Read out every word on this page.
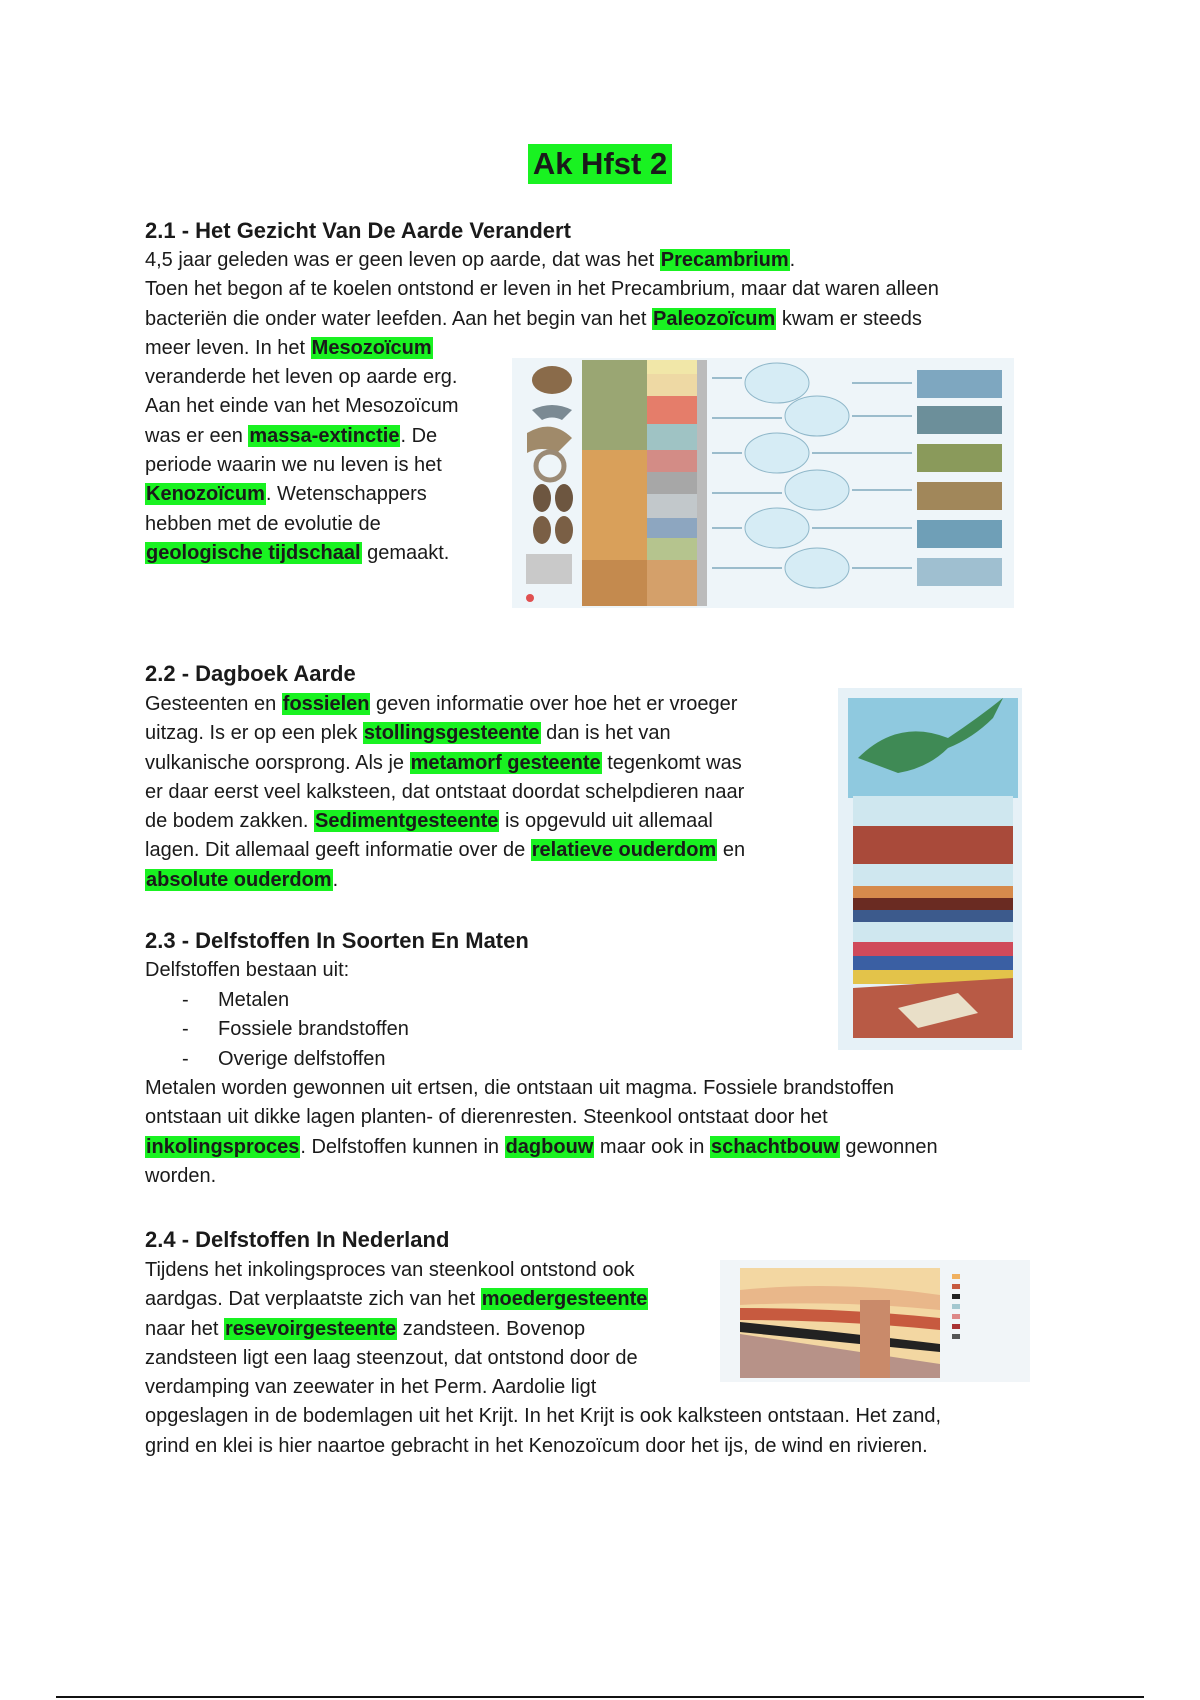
Ak Hfst 2
2.1 - Het Gezicht Van De Aarde Verandert
4,5 jaar geleden was er geen leven op aarde, dat was het Precambrium.
Toen het begon af te koelen ontstond er leven in het Precambrium, maar dat waren alleen
bacteriën die onder water leefden. Aan het begin van het Paleozoïcum kwam er steeds
meer leven. In het Mesozoïcum
veranderde het leven op aarde erg.
Aan het einde van het Mesozoïcum
was er een massa-extinctie. De
periode waarin we nu leven is het
Kenozoïcum. Wetenschappers
hebben met de evolutie de
geologische tijdschaal gemaakt.
2.2 - Dagboek Aarde
Gesteenten en fossielen geven informatie over hoe het er vroeger
uitzag. Is er op een plek stollingsgesteente dan is het van
vulkanische oorsprong. Als je metamorf gesteente tegenkomt was
er daar eerst veel kalksteen, dat ontstaat doordat schelpdieren naar
de bodem zakken. Sedimentgesteente is opgevuld uit allemaal
lagen. Dit allemaal geeft informatie over de relatieve ouderdom en
absolute ouderdom.
2.3 - Delfstoffen In Soorten En Maten
Delfstoffen bestaan uit:
-	Metalen
-	Fossiele brandstoffen
-	Overige delfstoffen
Metalen worden gewonnen uit ertsen, die ontstaan uit magma. Fossiele brandstoffen
ontstaan uit dikke lagen planten- of dierenresten. Steenkool ontstaat door het
inkolingsproces. Delfstoffen kunnen in dagbouw maar ook in schachtbouw gewonnen
worden.
2.4 - Delfstoffen In Nederland
Tijdens het inkolingsproces van steenkool ontstond ook
aardgas. Dat verplaatste zich van het moedergesteente
naar het resevoirgesteente zandsteen. Bovenop
zandsteen ligt een laag steenzout, dat ontstond door de
verdamping van zeewater in het Perm. Aardolie ligt
opgeslagen in de bodemlagen uit het Krijt. In het Krijt is ook kalksteen ontstaan. Het zand,
grind en klei is hier naartoe gebracht in het Kenozoïcum door het ijs, de wind en rivieren.
